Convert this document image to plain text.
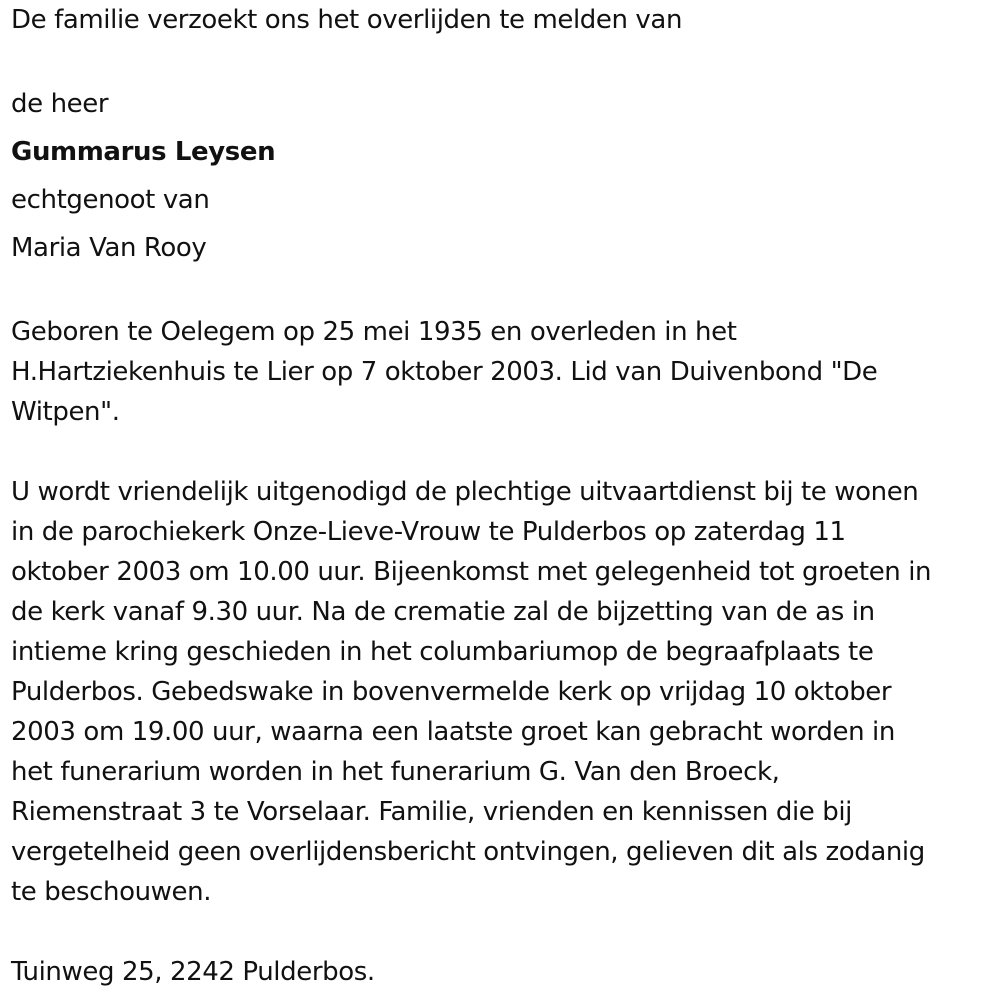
De familie verzoekt ons het overlijden te melden van
de heer
Gummarus Leysen
echtgenoot van
Maria Van Rooy
Geboren te Oelegem op 25 mei 1935 en overleden in het
H.Hartziekenhuis te Lier op 7 oktober 2003. Lid van Duivenbond "De
Witpen".
U wordt vriendelijk uitgenodigd de plechtige uitvaartdienst bij te wonen
in de parochiekerk Onze-Lieve-Vrouw te Pulderbos op zaterdag 11
oktober 2003 om 10.00 uur. Bijeenkomst met gelegenheid tot groeten in
de kerk vanaf 9.30 uur. Na de crematie zal de bijzetting van de as in
intieme kring geschieden in het columbariumop de begraafplaats te
Pulderbos. Gebedswake in bovenvermelde kerk op vrijdag 10 oktober
2003 om 19.00 uur, waarna een laatste groet kan gebracht worden in
het funerarium worden in het funerarium G. Van den Broeck,
Riemenstraat 3 te Vorselaar. Familie, vrienden en kennissen die bij
vergetelheid geen overlijdensbericht ontvingen, gelieven dit als zodanig
te beschouwen.
Tuinweg 25, 2242 Pulderbos.
